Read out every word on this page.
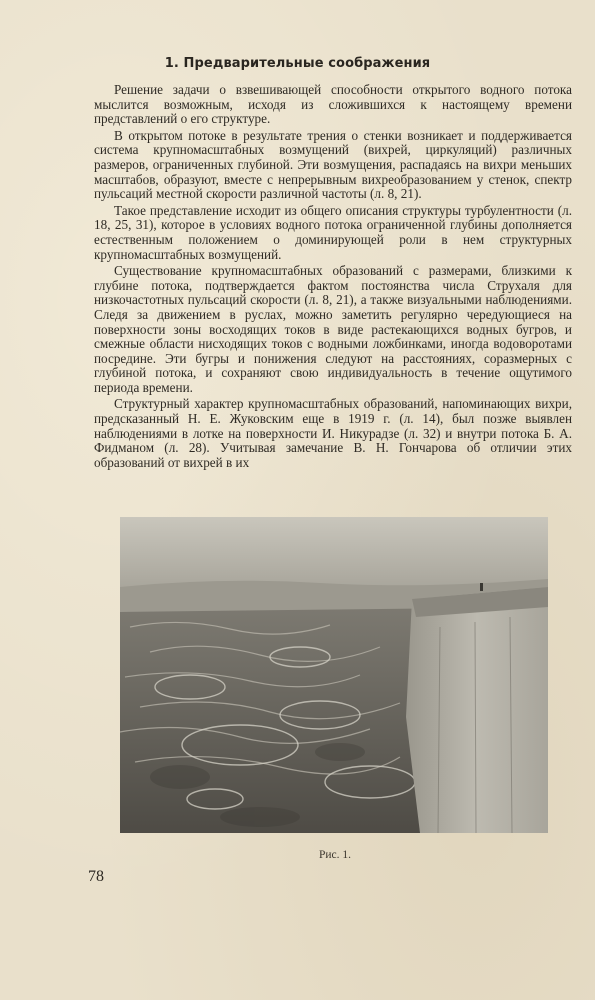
1. Предварительные соображения

Решение задачи о взвешивающей способности открытого водного потока мыслится возможным, исходя из сложившихся к настоящему времени представлений о его структуре.

В открытом потоке в результате трения о стенки возникает и поддерживается система крупномасштабных возмущений (вихрей, циркуляций) различных размеров, ограниченных глубиной. Эти возмущения, распадаясь на вихри меньших масштабов, образуют, вместе с непрерывным вихреобразованием у стенок, спектр пульсаций местной скорости различной частоты (л. 8, 21).

Такое представление исходит из общего описания структуры турбулентности (л. 18, 25, 31), которое в условиях водного потока ограниченной глубины дополняется естественным положением о доминирующей роли в нем структурных крупномасштабных возмущений.

Существование крупномасштабных образований с размерами, близкими к глубине потока, подтверждается фактом постоянства числа Струхаля для низкочастотных пульсаций скорости (л. 8, 21), а также визуальными наблюдениями. Следя за движением в руслах, можно заметить регулярно чередующиеся на поверхности зоны восходящих токов в виде растекающихся водных бугров, и смежные области нисходящих токов с водными ложбинками, иногда водоворотами посредине. Эти бугры и понижения следуют на расстояниях, соразмерных с глубиной потока, и сохраняют свою индивидуальность в течение ощутимого периода времени.

Структурный характер крупномасштабных образований, напоминающих вихри, предсказанный Н. Е. Жуковским еще в 1919 г. (л. 14), был позже выявлен наблюдениями в лотке на поверхности И. Никурадзе (л. 32) и внутри потока Б. А. Фидманом (л. 28). Учитывая замечание В. Н. Гончарова об отличии этих образований от вихрей в их

Рис. 1.
78
